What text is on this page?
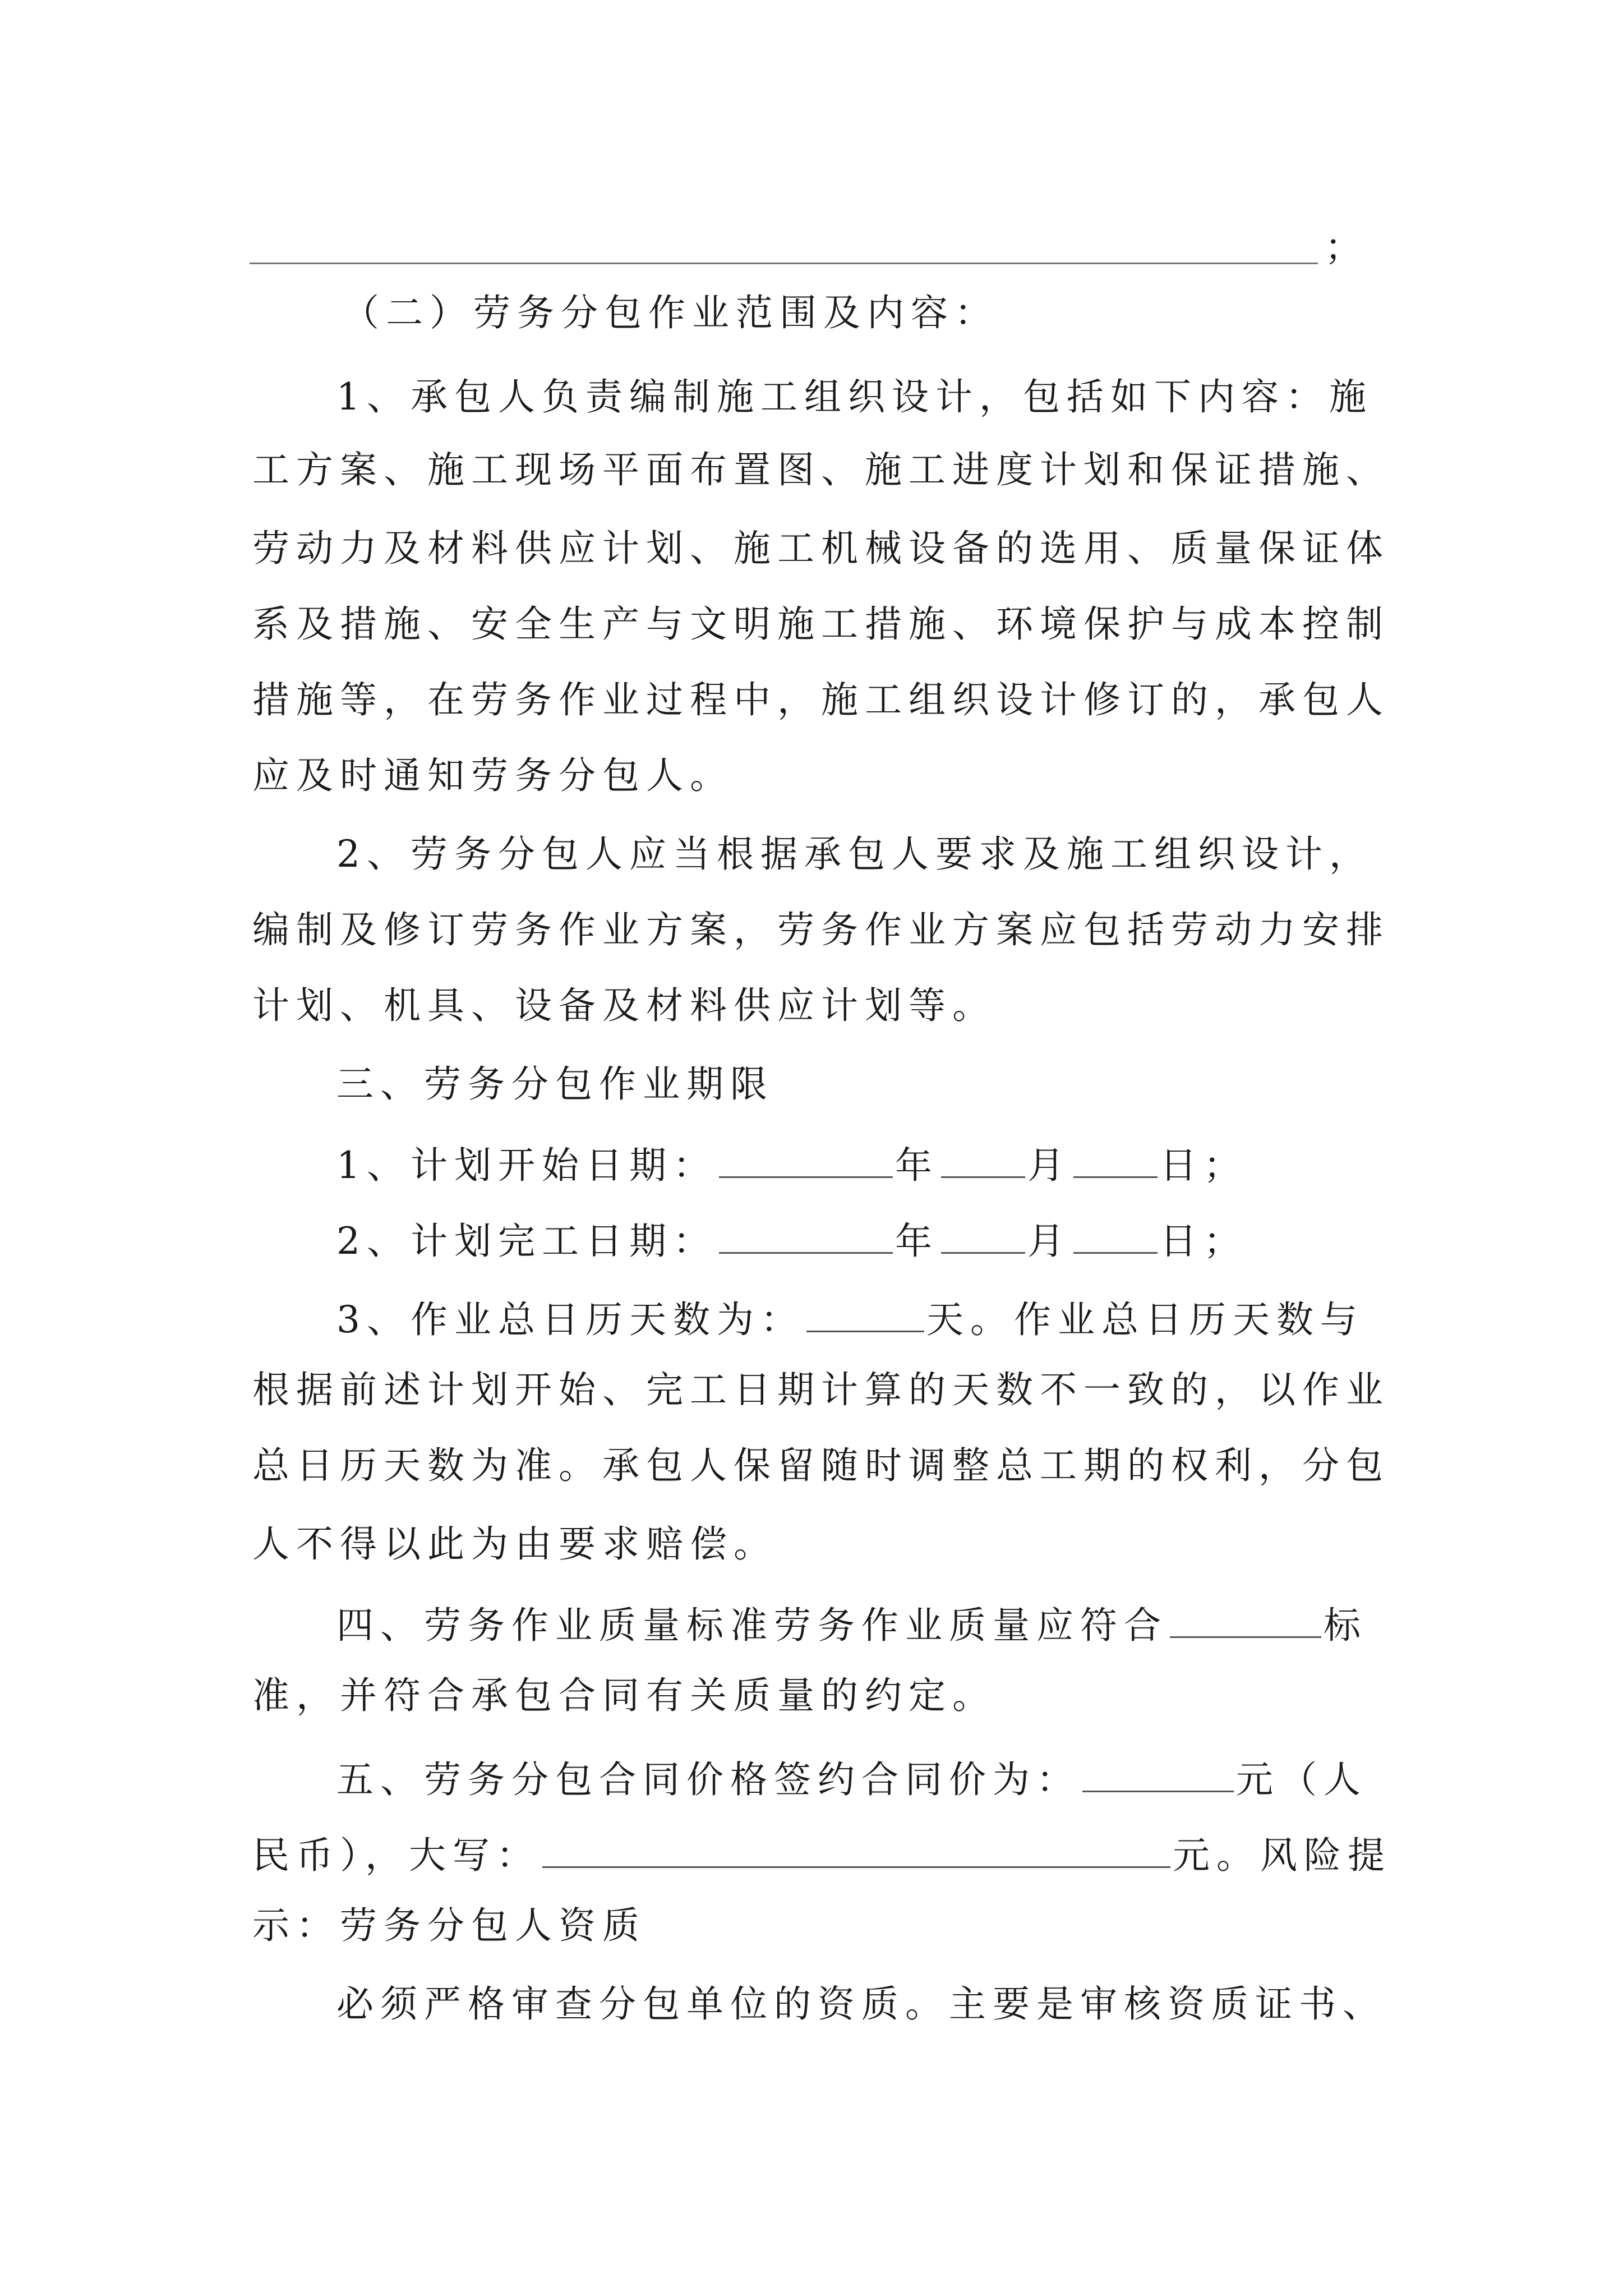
；
（二）劳务分包作业范围及内容：
1、承包人负责编制施工组织设计，包括如下内容：施
工方案、施工现场平面布置图、施工进度计划和保证措施、
劳动力及材料供应计划、施工机械设备的选用、质量保证体
系及措施、安全生产与文明施工措施、环境保护与成本控制
措施等，在劳务作业过程中，施工组织设计修订的，承包人
应及时通知劳务分包人。
2、劳务分包人应当根据承包人要求及施工组织设计，
编制及修订劳务作业方案，劳务作业方案应包括劳动力安排
计划、机具、设备及材料供应计划等。
三、劳务分包作业期限
1、计划开始日期：	年 月 日；
2、计划完工日期：	年 月 日；
3、作业总日历天数为：	天。作业总日历天数与
根据前述计划开始、完工日期计算的天数不一致的，以作业
总日历天数为准。承包人保留随时调整总工期的权利，分包
人不得以此为由要求赔偿。
四、劳务作业质量标准劳务作业质量应符合	标
准，并符合承包合同有关质量的约定。
五、劳务分包合同价格签约合同价为：	元（人
民币），大写：	元。风险提
示：劳务分包人资质
必须严格审查分包单位的资质。主要是审核资质证书、
